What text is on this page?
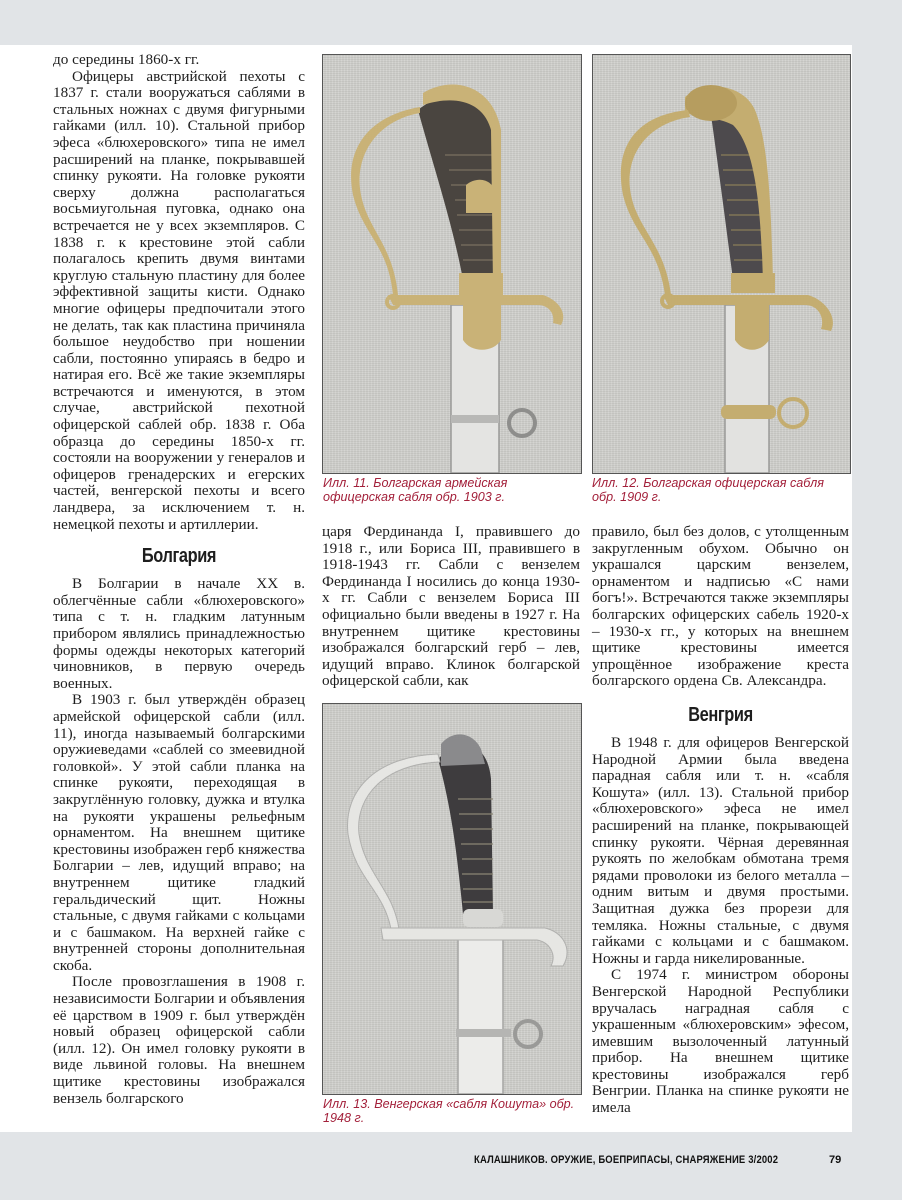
до середины 1860-х гг.

Офицеры австрийской пехоты с 1837 г. стали вооружаться саблями в стальных ножнах с двумя фигурными гайками (илл. 10). Стальной прибор эфеса «блюхеровского» типа не имел расширений на планке, покрывавшей спинку рукояти. На головке рукояти сверху должна располагаться восьмиугольная пуговка, однако она встречается не у всех экземпляров. С 1838 г. к крестовине этой сабли полагалось крепить двумя винтами круглую стальную пластину для более эффективной защиты кисти. Однако многие офицеры предпочитали этого не делать, так как пластина причиняла большое неудобство при ношении сабли, постоянно упираясь в бедро и натирая его. Всё же такие экземпляры встречаются и именуются, в этом случае, австрийской пехотной офицерской саблей обр. 1838 г. Оба образца до середины 1850-х гг. состояли на вооружении у генералов и офицеров гренадерских и егерских частей, венгерской пехоты и всего ландвера, за исключением т. н. немецкой пехоты и артиллерии.

Болгария

В Болгарии в начале XX в. облегчённые сабли «блюхеровского» типа с т. н. гладким латунным прибором являлись принадлежностью формы одежды некоторых категорий чиновников, в первую очередь военных.

В 1903 г. был утверждён образец армейской офицерской сабли (илл. 11), иногда называемый болгарскими оружиеведами «саблей со змеевидной головкой». У этой сабли планка на спинке рукояти, переходящая в закруглённую головку, дужка и втулка на рукояти украшены рельефным орнаментом. На внешнем щитике крестовины изображен герб княжества Болгарии – лев, идущий вправо; на внутреннем щитике гладкий геральдический щит. Ножны стальные, с двумя гайками с кольцами и с башмаком. На верхней гайке с внутренней стороны дополнительная скоба.

После провозглашения в 1908 г. независимости Болгарии и объявления её царством в 1909 г. был утверждён новый образец офицерской сабли (илл. 12). Он имел головку рукояти в виде львиной головы. На внешнем щитике крестовины изображался вензель болгарского

Илл. 11. Болгарская армейская офицерская сабля обр. 1903 г.
Илл. 12. Болгарская офицерская сабля обр. 1909 г.

царя Фердинанда I, правившего до 1918 г., или Бориса III, правившего в 1918-1943 гг. Сабли с вензелем Фердинанда I носились до конца 1930-х гг. Сабли с вензелем Бориса III официально были введены в 1927 г. На внутреннем щитике крестовины изображался болгарский герб – лев, идущий вправо. Клинок болгарской офицерской сабли, как

правило, был без долов, с утолщенным закругленным обухом. Обычно он украшался царским вензелем, орнаментом и надписью «С нами богъ!». Встречаются также экземпляры болгарских офицерских сабель 1920-х – 1930-х гг., у которых на внешнем щитике крестовины имеется упрощённое изображение креста болгарского ордена Св. Александра.

Венгрия

В 1948 г. для офицеров Венгерской Народной Армии была введена парадная сабля или т. н. «сабля Кошута» (илл. 13). Стальной прибор «блюхеровского» эфеса не имел расширений на планке, покрывающей спинку рукояти. Чёрная деревянная рукоять по желобкам обмотана тремя рядами проволоки из белого металла – одним витым и двумя простыми. Защитная дужка без прорези для темляка. Ножны стальные, с двумя гайками с кольцами и с башмаком. Ножны и гарда никелированные.

С 1974 г. министром обороны Венгерской Народной Республики вручалась наградная сабля с украшенным «блюхеровским» эфесом, имевшим вызолоченный латунный прибор. На внешнем щитике крестовины изображался герб Венгрии. Планка на спинке рукояти не имела

Илл. 13. Венгерская «сабля Кошута» обр. 1948 г.
КАЛАШНИКОВ. ОРУЖИЕ, БОЕПРИПАСЫ, СНАРЯЖЕНИЕ 3/2002	79
